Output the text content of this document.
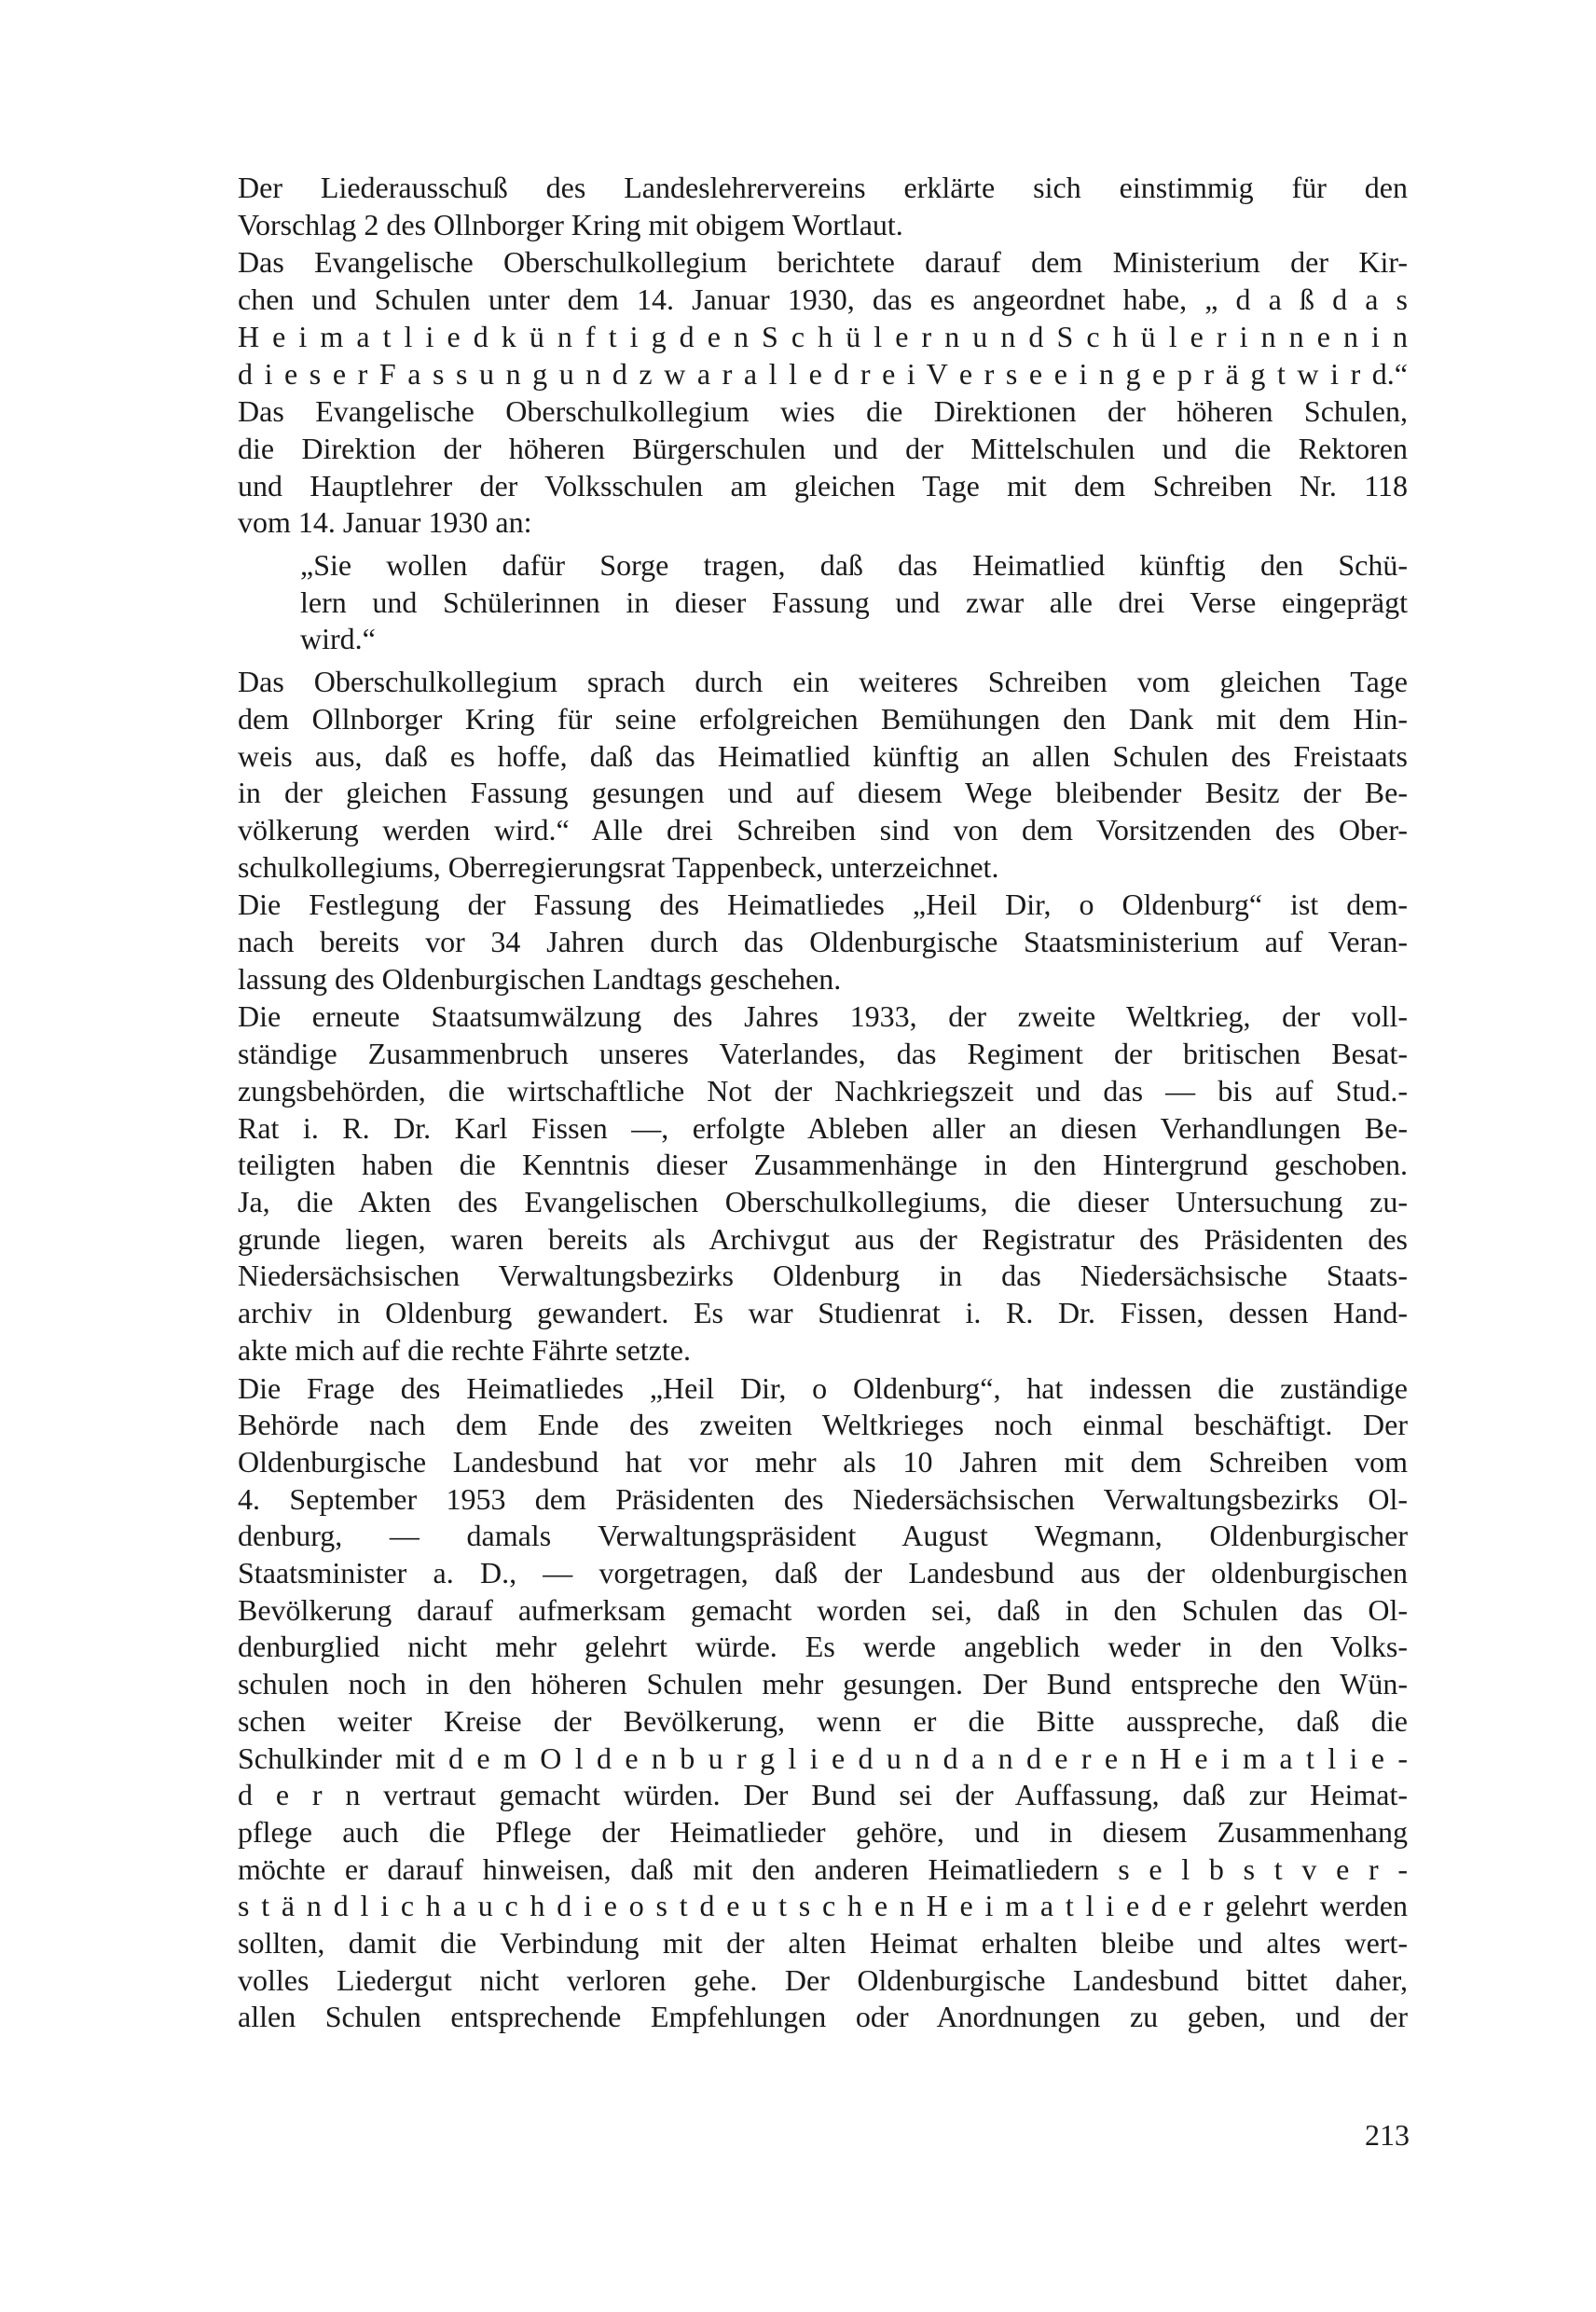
Der Liederausschuß des Landeslehrervereins erklärte sich einstimmig für den
Vorschlag 2 des Ollnborger Kring mit obigem Wortlaut.

Das Evangelische Oberschulkollegium berichtete darauf dem Ministerium der Kir-
chen und Schulen unter dem 14. Januar 1930, das es angeordnet habe, „ d a ß d a s
H e i m a t l i e d k ü n f t i g d e n S c h ü l e r n u n d S c h ü l e r i n n e n i n
d i e s e r F a s s u n g u n d z w a r a l l e d r e i V e r s e e i n g e p r ä g t w i r d.“

Das Evangelische Oberschulkollegium wies die Direktionen der höheren Schulen,
die Direktion der höheren Bürgerschulen und der Mittelschulen und die Rektoren
und Hauptlehrer der Volksschulen am gleichen Tage mit dem Schreiben Nr. 118
vom 14. Januar 1930 an:

„Sie wollen dafür Sorge tragen, daß das Heimatlied künftig den Schü-
lern und Schülerinnen in dieser Fassung und zwar alle drei Verse eingeprägt
wird.“

Das Oberschulkollegium sprach durch ein weiteres Schreiben vom gleichen Tage
dem Ollnborger Kring für seine erfolgreichen Bemühungen den Dank mit dem Hin-
weis aus, daß es hoffe, daß das Heimatlied künftig an allen Schulen des Freistaats
in der gleichen Fassung gesungen und auf diesem Wege bleibender Besitz der Be-
völkerung werden wird.“ Alle drei Schreiben sind von dem Vorsitzenden des Ober-
schulkollegiums, Oberregierungsrat Tappenbeck, unterzeichnet.

Die Festlegung der Fassung des Heimatliedes „Heil Dir, o Oldenburg“ ist dem-
nach bereits vor 34 Jahren durch das Oldenburgische Staatsministerium auf Veran-
lassung des Oldenburgischen Landtags geschehen.

Die erneute Staatsumwälzung des Jahres 1933, der zweite Weltkrieg, der voll-
ständige Zusammenbruch unseres Vaterlandes, das Regiment der britischen Besat-
zungsbehörden, die wirtschaftliche Not der Nachkriegszeit und das — bis auf Stud.-
Rat i. R. Dr. Karl Fissen —, erfolgte Ableben aller an diesen Verhandlungen Be-
teiligten haben die Kenntnis dieser Zusammenhänge in den Hintergrund geschoben.
Ja, die Akten des Evangelischen Oberschulkollegiums, die dieser Untersuchung zu-
grunde liegen, waren bereits als Archivgut aus der Registratur des Präsidenten des
Niedersächsischen Verwaltungsbezirks Oldenburg in das Niedersächsische Staats-
archiv in Oldenburg gewandert. Es war Studienrat i. R. Dr. Fissen, dessen Hand-
akte mich auf die rechte Fährte setzte.

Die Frage des Heimatliedes „Heil Dir, o Oldenburg“, hat indessen die zuständige
Behörde nach dem Ende des zweiten Weltkrieges noch einmal beschäftigt. Der
Oldenburgische Landesbund hat vor mehr als 10 Jahren mit dem Schreiben vom
4. September 1953 dem Präsidenten des Niedersächsischen Verwaltungsbezirks Ol-
denburg, — damals Verwaltungspräsident August Wegmann, Oldenburgischer
Staatsminister a. D., — vorgetragen, daß der Landesbund aus der oldenburgischen
Bevölkerung darauf aufmerksam gemacht worden sei, daß in den Schulen das Ol-
denburglied nicht mehr gelehrt würde. Es werde angeblich weder in den Volks-
schulen noch in den höheren Schulen mehr gesungen. Der Bund entspreche den Wün-
schen weiter Kreise der Bevölkerung, wenn er die Bitte ausspreche, daß die
Schulkinder mit d e m O l d e n b u r g l i e d u n d a n d e r e n H e i m a t l i e -
d e r n vertraut gemacht würden. Der Bund sei der Auffassung, daß zur Heimat-
pflege auch die Pflege der Heimatlieder gehöre, und in diesem Zusammenhang
möchte er darauf hinweisen, daß mit den anderen Heimatliedern s e l b s t v e r -
s t ä n d l i c h a u c h d i e o s t d e u t s c h e n H e i m a t l i e d e r gelehrt werden
sollten, damit die Verbindung mit der alten Heimat erhalten bleibe und altes wert-
volles Liedergut nicht verloren gehe. Der Oldenburgische Landesbund bittet daher,
allen Schulen entsprechende Empfehlungen oder Anordnungen zu geben, und der

213
